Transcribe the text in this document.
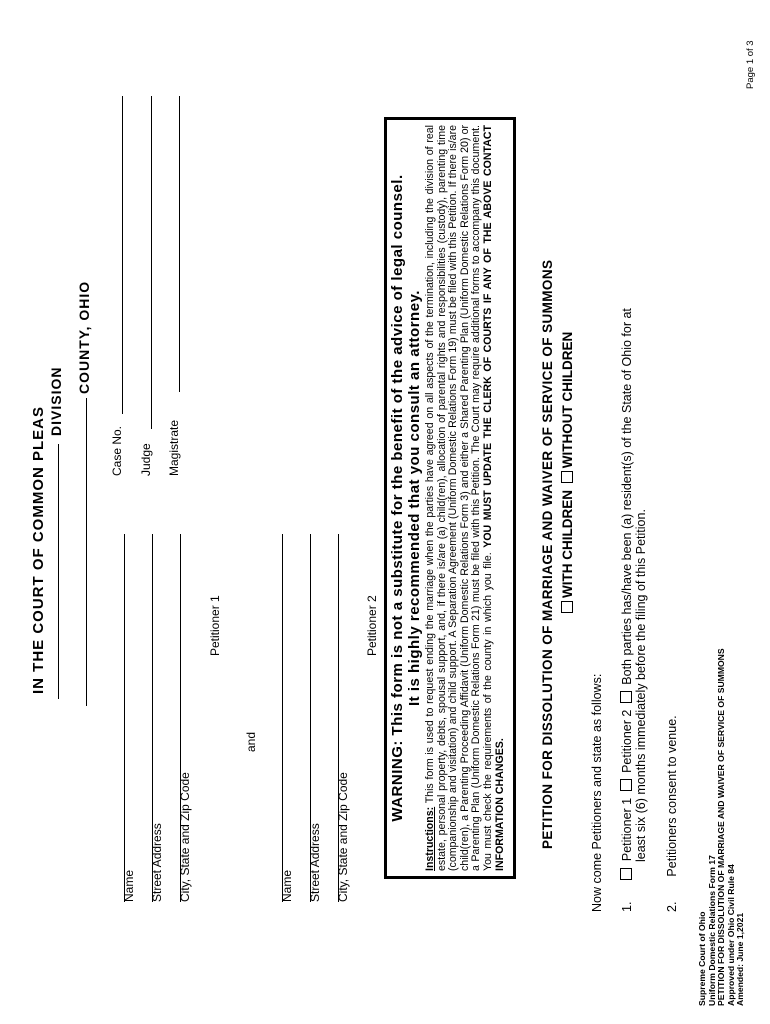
IN THE COURT OF COMMON PLEAS
DIVISION
COUNTY, OHIO
Name Street Address City, State and Zip Code
Petitioner 1
and
Name Street Address City, State and Zip Code
Petitioner 2
Case No. Judge Magistrate	WARNING: This form is not a substitute for the benefit of the advice of legal counsel. It is highly recommended that you consult an attorney.
Instructions: This form is used to request ending the marriage when the parties have agreed on all aspects of the termination, including the division of real estate, personal property, debts, spousal support, and, if there is/are (a) child(ren), allocation of parental rights and responsibilities (custody), parenting time (companionship and visitation) and child support. A Separation Agreement (Uniform Domestic Relations Form 19) must be filed with this Petition. If there is/are child(ren), a Parenting Proceeding Affidavit (Uniform Domestic Relations Form 3) and either a Shared Parenting Plan (Uniform Domestic Relations Form 20) or a Parenting Plan (Uniform Domestic Relations Form 21) must be filed with this Petition. The Court may require additional forms to accompany this document. You must check the requirements of the county in which you file. YOU MUST UPDATE THE CLERK OF COURTS IF ANY OF THE ABOVE CONTACT INFORMATION CHANGES.	PETITION FOR DISSOLUTION OF MARRIAGE AND WAIVER OF SERVICE OF SUMMONS WITH CHILDREN WITHOUT CHILDREN
Now come Petitioners and state as follows: 1.   Petitioner 1  Petitioner 2  Both parties has/have been (a) resident(s) of the State of Ohio for at
least six (6) months immediately before the filing of this Petition.
2.  Petitioners consent to venue.
Supreme Court of Ohio Uniform Domestic Relations Form 17 PETITION FOR DISSOLUTION OF MARRIAGE AND WAIVER OF SERVICE OF SUMMONS Approved under Ohio Civil Rule 84 Amended: June 1,2021
Page 1 of 3
